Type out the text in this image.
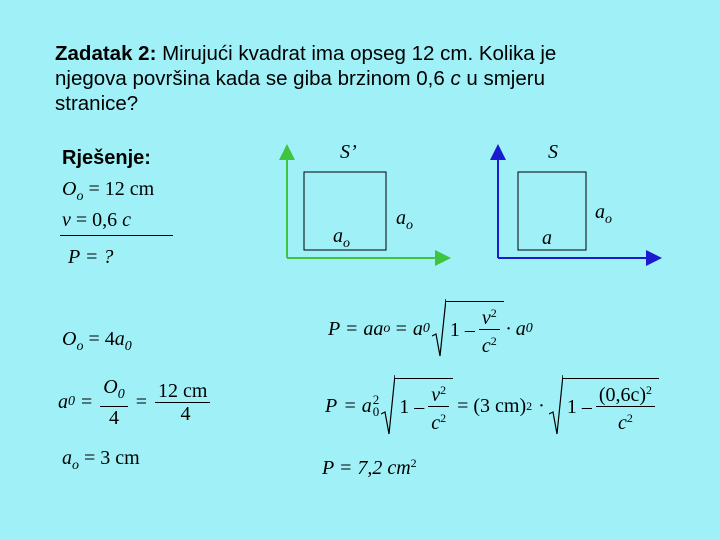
Zadatak 2: Mirujući kvadrat ima opseg 12 cm. Kolika je
njegova površina kada se giba brzinom 0,6 c u smjeru
stranice?
Rješenje:
$O_o = 12$ cm
v = 0,6 c
P = ?
S’
$a_o$
$a_o$
S
a
$a_o$
$O_o = 4a_0$
a $0 = \frac{O_0}{4} = \frac{12 cm}{4}$
$a_o = 3$ cm
P = aa o = a 0 $1 - \frac{v^2}{c^2} \cdot a$ 0
P = a 2
0 $1 - \frac{v^2}{c^2} = (3$ cm) $2 \cdot 1 - \frac{(0,6c)^2}{c^2}$
P = 7,2 $cm^2$
